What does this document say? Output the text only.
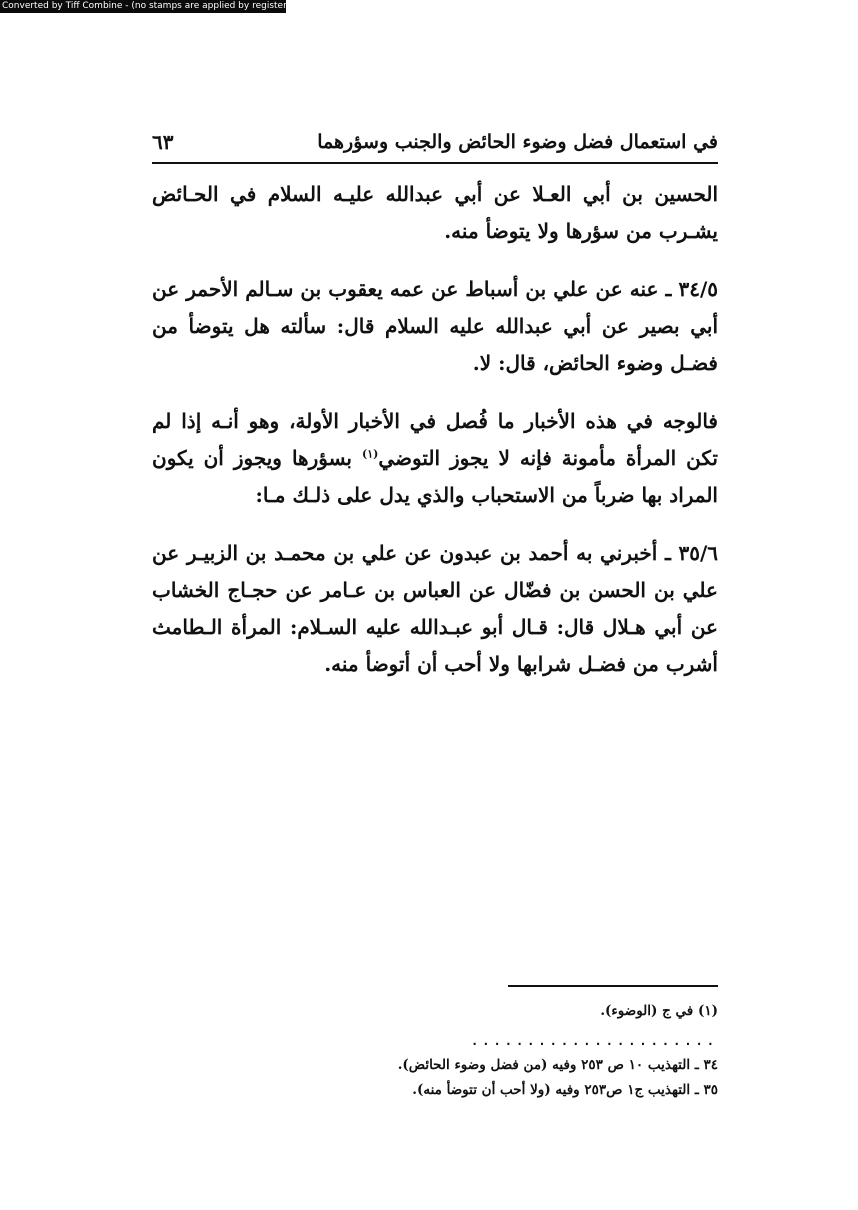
Converted by Tiff Combine - (no stamps are applied by registered version)
في استعمال فضل وضوء الحائض والجنب وسؤرهما
٦٣

الحسين بن أبي العـلا عن أبي عبدالله عليـه السلام في الحـائض يشـرب من سؤرها ولا يتوضأ منه.

٣٤/٥ ـ عنه عن علي بن أسباط عن عمه يعقوب بن سـالم الأحمر عن أبي بصير عن أبي عبدالله عليه السلام قال: سألته هل يتوضأ من فضـل وضوء الحائض، قال: لا.

فالوجه في هذه الأخبار ما فُصل في الأخبار الأولة، وهو أنـه إذا لم تكن المرأة مأمونة فإنه لا يجوز التوضي$^{(١)}$ بسؤرها ويجوز أن يكون المراد بها ضرباً من الاستحباب والذي يدل على ذلـك مـا:

٣٥/٦ ـ أخبرني به أحمد بن عبدون عن علي بن محمـد بن الزبيـر عن علي بن الحسن بن فضّال عن العباس بن عـامر عن حجـاج الخشاب عن أبي هـلال قال: قـال أبو عبـدالله عليه السـلام: المرأة الـطامث أشرب من فضـل شرابها ولا أحب أن أتوضأ منه.

(١) في ج (الوضوء).
......................
٣٤ ـ التهذيب ١٠ ص ٢٥٣ وفيه (من فضل وضوء الحائض).
٣٥ ـ التهذيب ج١ ص٢٥٣ وفيه (ولا أحب أن تتوضأ منه).
